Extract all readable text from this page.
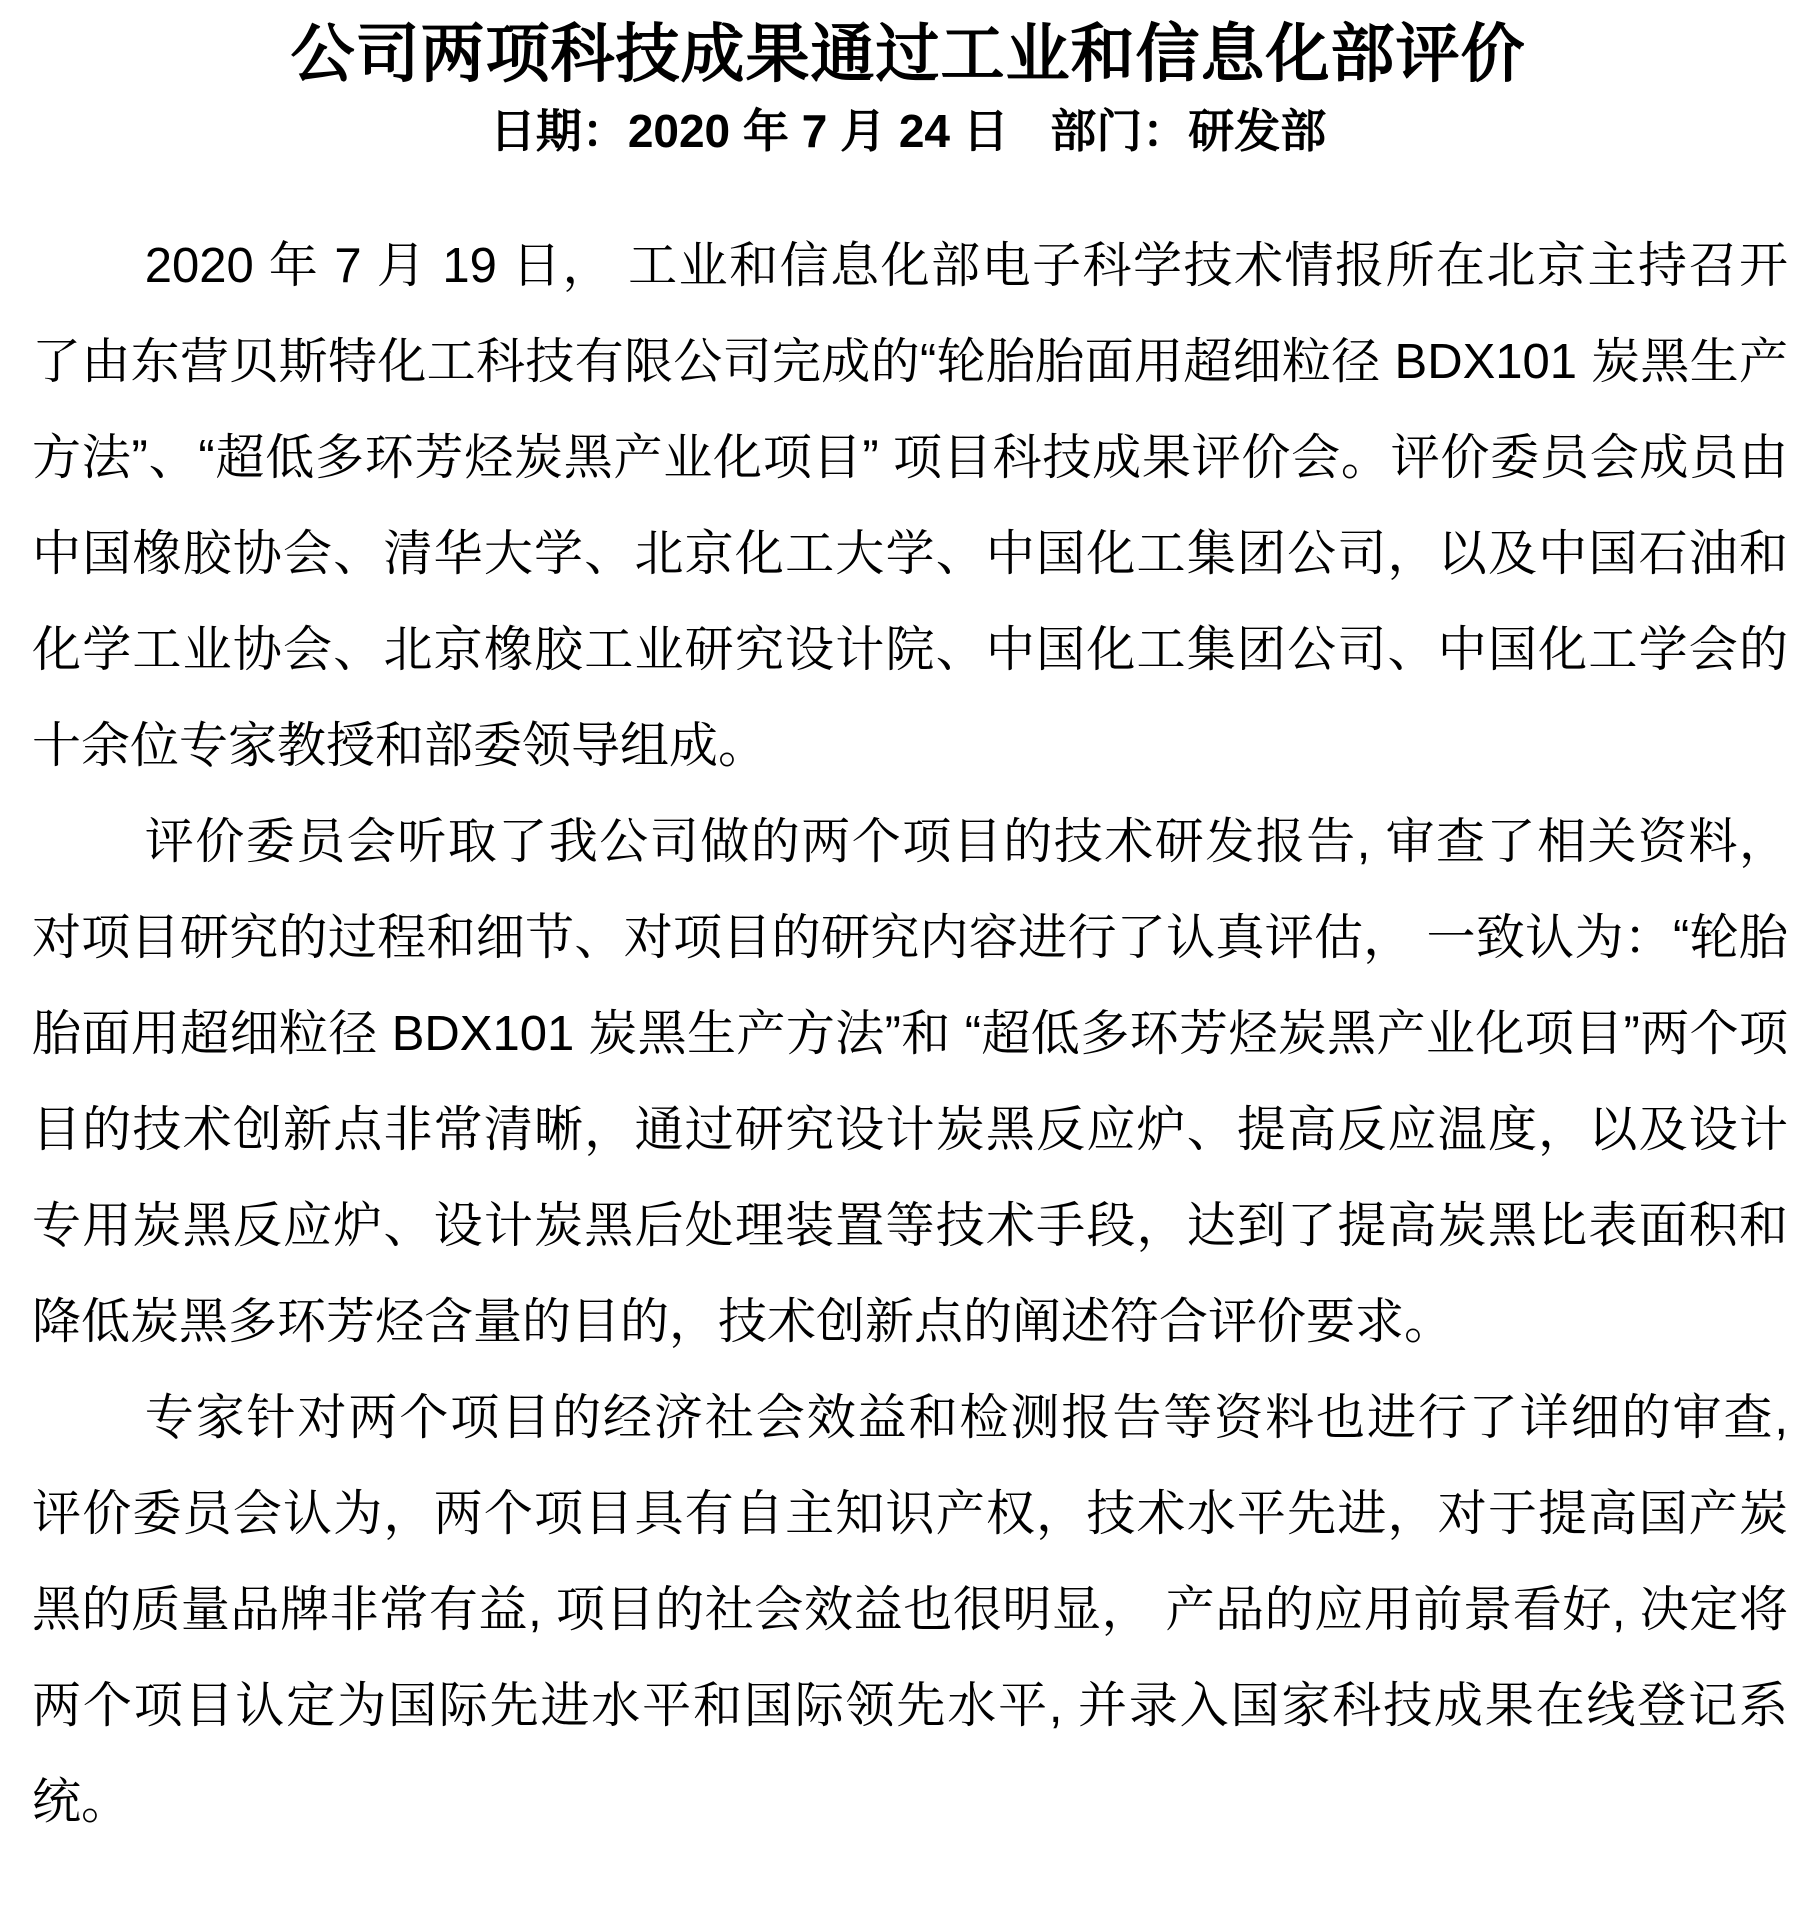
公司两项科技成果通过工业和信息化部评价
日期：2020 年 7 月 24 日 部门：研发部

2020 年 7 月 19 日， 工业和信息化部电子科学技术情报所在北京主持召开了由东营贝斯特化工科技有限公司完成的“轮胎胎面用超细粒径 BDX101 炭黑生产方法”、“超低多环芳烃炭黑产业化项目” 项目科技成果评价会。评价委员会成员由中国橡胶协会、清华大学、北京化工大学、中国化工集团公司，以及中国石油和化学工业协会、北京橡胶工业研究设计院、中国化工集团公司、中国化工学会的十余位专家教授和部委领导组成。

评价委员会听取了我公司做的两个项目的技术研发报告, 审查了相关资料，对项目研究的过程和细节、对项目的研究内容进行了认真评估， 一致认为：“轮胎胎面用超细粒径 BDX101 炭黑生产方法”和 “超低多环芳烃炭黑产业化项目”两个项目的技术创新点非常清晰，通过研究设计炭黑反应炉、提高反应温度，以及设计专用炭黑反应炉、设计炭黑后处理装置等技术手段，达到了提高炭黑比表面积和降低炭黑多环芳烃含量的目的，技术创新点的阐述符合评价要求。

专家针对两个项目的经济社会效益和检测报告等资料也进行了详细的审查, 评价委员会认为，两个项目具有自主知识产权，技术水平先进，对于提高国产炭黑的质量品牌非常有益, 项目的社会效益也很明显， 产品的应用前景看好, 决定将两个项目认定为国际先进水平和国际领先水平, 并录入国家科技成果在线登记系统。
